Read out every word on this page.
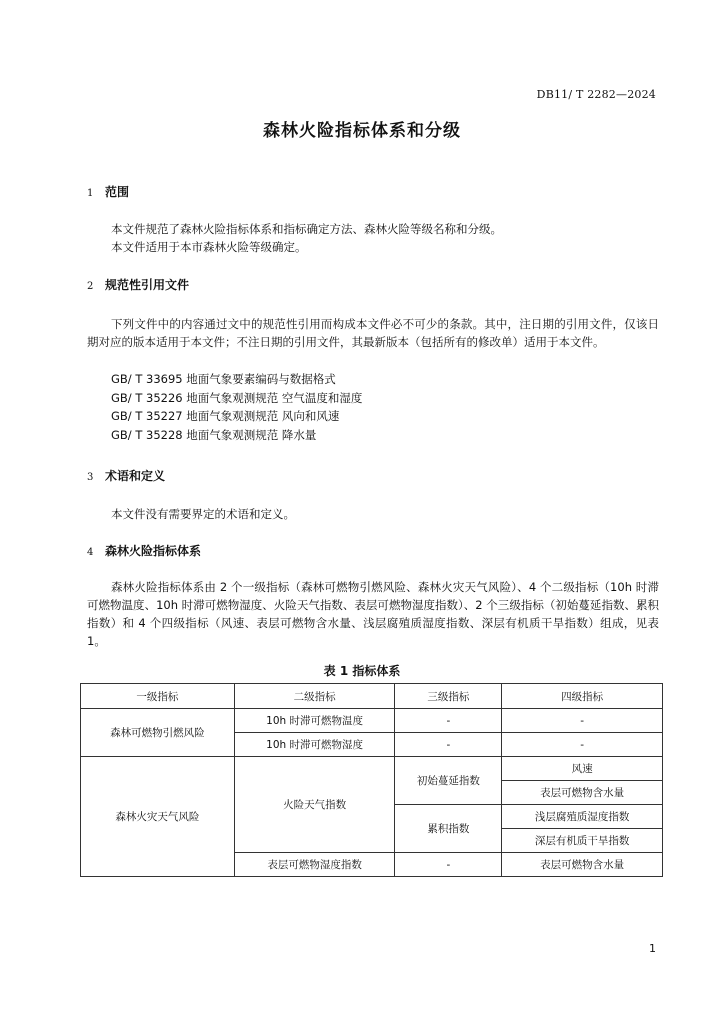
DB11/ T 2282—2024
森林火险指标体系和分级
1 范围
本文件规范了森林火险指标体系和指标确定方法、森林火险等级名称和分级。
本文件适用于本市森林火险等级确定。
2 规范性引用文件
下列文件中的内容通过文中的规范性引用而构成本文件必不可少的条款。其中，注日期的引用文件，仅该日期对应的版本适用于本文件；不注日期的引用文件，其最新版本（包括所有的修改单）适用于本文件。
GB/ T 33695 地面气象要素编码与数据格式
GB/ T 35226 地面气象观测规范 空气温度和湿度
GB/ T 35227 地面气象观测规范 风向和风速
GB/ T 35228 地面气象观测规范 降水量
3 术语和定义
本文件没有需要界定的术语和定义。
4 森林火险指标体系
森林火险指标体系由 2 个一级指标（森林可燃物引燃风险、森林火灾天气风险）、4 个二级指标（10h 时滞可燃物温度、10h 时滞可燃物湿度、火险天气指数、表层可燃物湿度指数）、2 个三级指标（初始蔓延指数、累积指数）和 4 个四级指标（风速、表层可燃物含水量、浅层腐殖质湿度指数、深层有机质干旱指数）组成，见表 1。
表 1 指标体系
一级指标	二级指标	三级指标	四级指标
森林可燃物引燃风险	10h 时滞可燃物温度	-	-
	10h 时滞可燃物湿度	-	-
森林火灾天气风险	火险天气指数	初始蔓延指数	风速
			表层可燃物含水量
		累积指数	浅层腐殖质湿度指数
			深层有机质干旱指数
	表层可燃物湿度指数	-	表层可燃物含水量
1
